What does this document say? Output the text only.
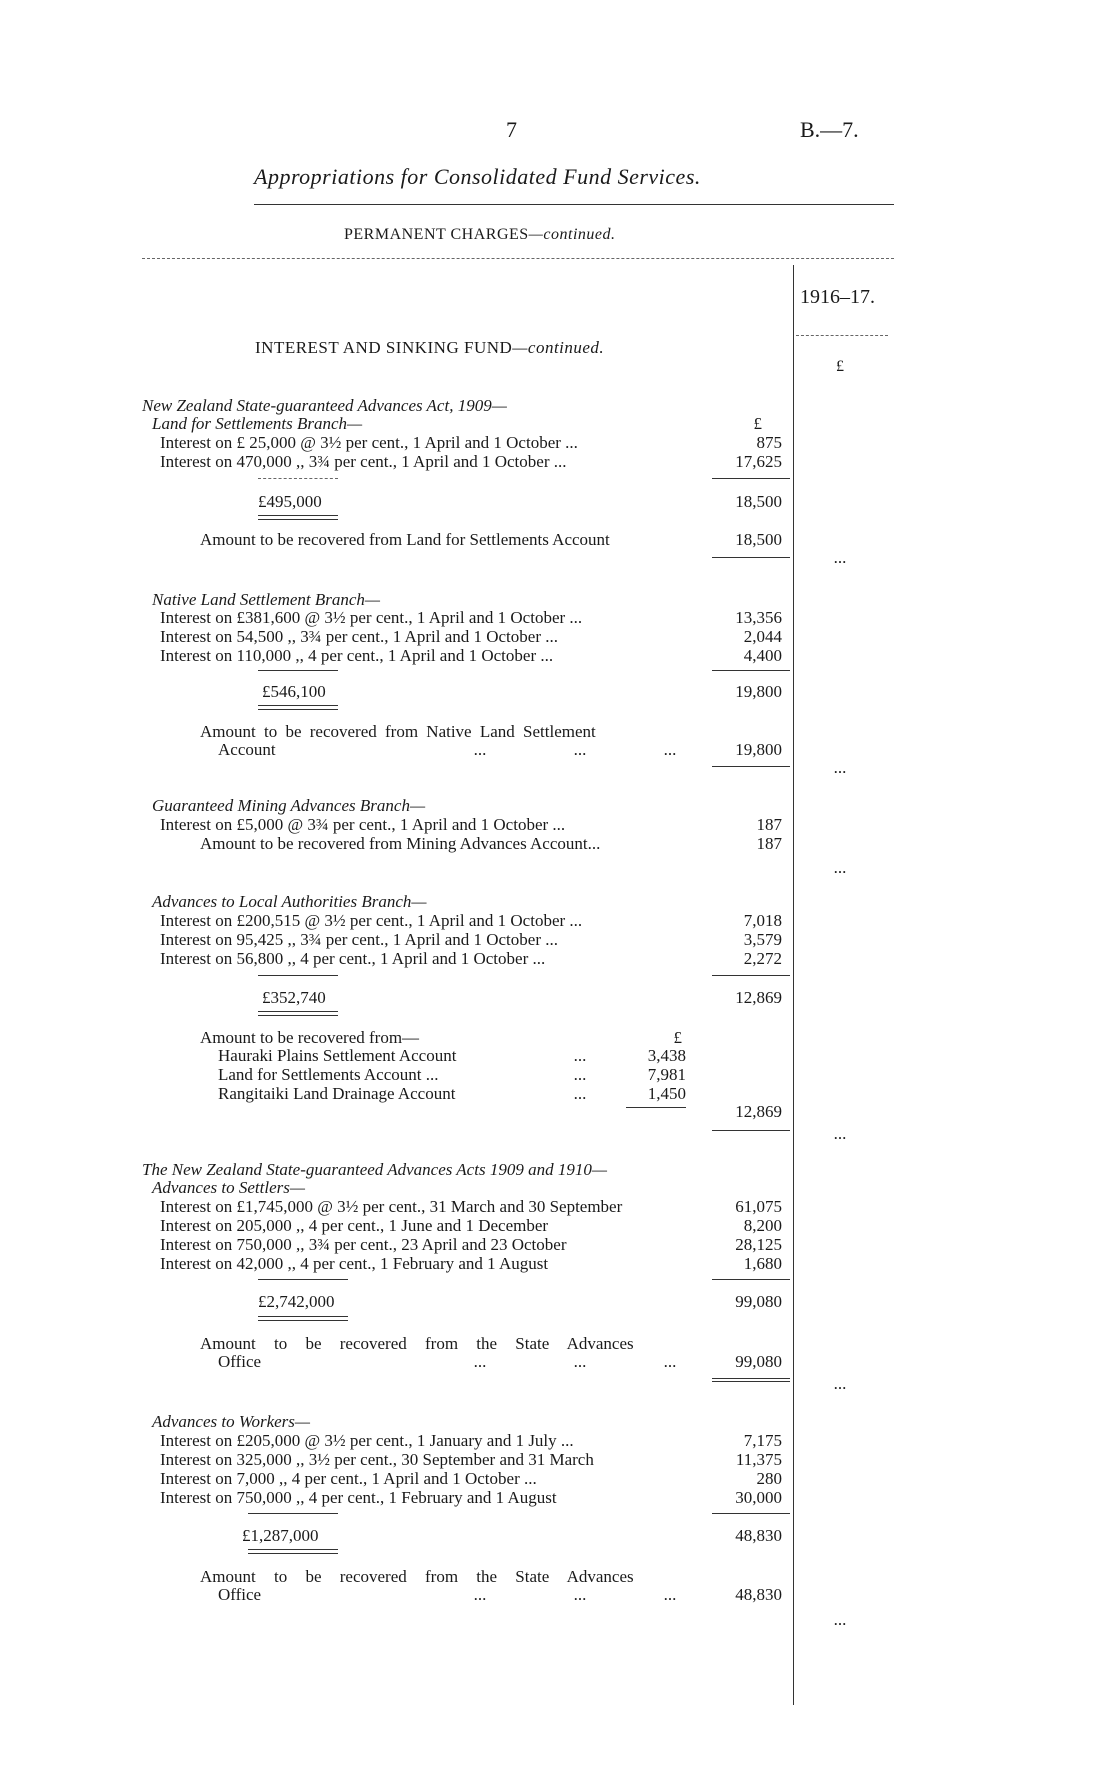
7	B.—7.
Appropriations for Consolidated Fund Services.
PERMANENT CHARGES—continued.
1916–17.
£
INTEREST AND SINKING FUND—continued.
New Zealand State-guaranteed Advances Act, 1909—
Land for Settlements Branch—	£
Interest on £ 25,000 @ 3½ per cent., 1 April and 1 October ...	875
Interest on 470,000 ,, 3¾ per cent., 1 April and 1 October ...	17,625
£495,000	18,500
Amount to be recovered from Land for Settlements Account	18,500
...
Native Land Settlement Branch—
Interest on £381,600 @ 3½ per cent., 1 April and 1 October ...	13,356
Interest on 54,500 ,, 3¾ per cent., 1 April and 1 October ...	2,044
Interest on 110,000 ,, 4 per cent., 1 April and 1 October ...	4,400
£546,100	19,800
Amount to be recovered from Native Land Settlement
Account	...	...	...	19,800
...
Guaranteed Mining Advances Branch—
Interest on £5,000 @ 3¾ per cent., 1 April and 1 October ...	187
Amount to be recovered from Mining Advances Account...	187
...
Advances to Local Authorities Branch—
Interest on £200,515 @ 3½ per cent., 1 April and 1 October ...	7,018
Interest on 95,425 ,, 3¾ per cent., 1 April and 1 October ...	3,579
Interest on 56,800 ,, 4 per cent., 1 April and 1 October ...	2,272
£352,740	12,869
Amount to be recovered from—	£
Hauraki Plains Settlement Account	...	3,438
Land for Settlements Account ...	...	7,981
Rangitaiki Land Drainage Account	...	1,450
12,869
...
The New Zealand State-guaranteed Advances Acts 1909 and 1910—
Advances to Settlers—
Interest on £1,745,000 @ 3½ per cent., 31 March and 30 September	61,075
Interest on 205,000 ,, 4 per cent., 1 June and 1 December	8,200
Interest on 750,000 ,, 3¾ per cent., 23 April and 23 October	28,125
Interest on 42,000 ,, 4 per cent., 1 February and 1 August	1,680
£2,742,000	99,080
Amount to be recovered from the State Advances
Office	...	...	...	99,080
...
Advances to Workers—
Interest on £205,000 @ 3½ per cent., 1 January and 1 July ...	7,175
Interest on 325,000 ,, 3½ per cent., 30 September and 31 March	11,375
Interest on 7,000 ,, 4 per cent., 1 April and 1 October ...	280
Interest on 750,000 ,, 4 per cent., 1 February and 1 August	30,000
£1,287,000	48,830
Amount to be recovered from the State Advances
Office	...	...	...	48,830
...
